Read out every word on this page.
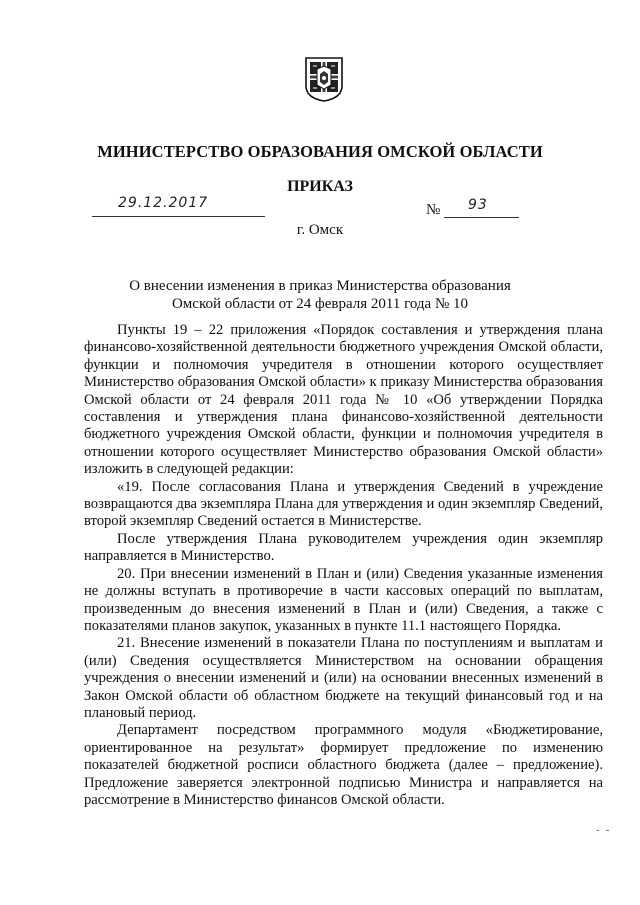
МИНИСТЕРСТВО ОБРАЗОВАНИЯ ОМСКОЙ ОБЛАСТИ
ПРИКАЗ
29.12.2017	№ 93
г. Омск
О внесении изменения в приказ Министерства образования
Омской области от 24 февраля 2011 года № 10

Пункты 19 – 22 приложения «Порядок составления и утверждения плана финансово-хозяйственной деятельности бюджетного учреждения Омской области, функции и полномочия учредителя в отношении которого осуществляет Министерство образования Омской области» к приказу Министерства образования Омской области от 24 февраля 2011 года № 10 «Об утверждении Порядка составления и утверждения плана финансово-хозяйственной деятельности бюджетного учреждения Омской области, функции и полномочия учредителя в отношении которого осуществляет Министерство образования Омской области» изложить в следующей редакции:

«19. После согласования Плана и утверждения Сведений в учреждение возвращаются два экземпляра Плана для утверждения и один экземпляр Сведений, второй экземпляр Сведений остается в Министерстве.

После утверждения Плана руководителем учреждения один экземпляр направляется в Министерство.

20. При внесении изменений в План и (или) Сведения указанные изменения не должны вступать в противоречие в части кассовых операций по выплатам, произведенным до внесения изменений в План и (или) Сведения, а также с показателями планов закупок, указанных в пункте 11.1 настоящего Порядка.

21. Внесение изменений в показатели Плана по поступлениям и выплатам и (или) Сведения осуществляется Министерством на основании обращения учреждения о внесении изменений и (или) на основании внесенных изменений в Закон Омской области об областном бюджете на текущий финансовый год и на плановый период.

Департамент посредством программного модуля «Бюджетирование, ориентированное на результат» формирует предложение по изменению показателей бюджетной росписи областного бюджета (далее – предложение). Предложение заверяется электронной подписью Министра и направляется на рассмотрение в Министерство финансов Омской области.

- -
